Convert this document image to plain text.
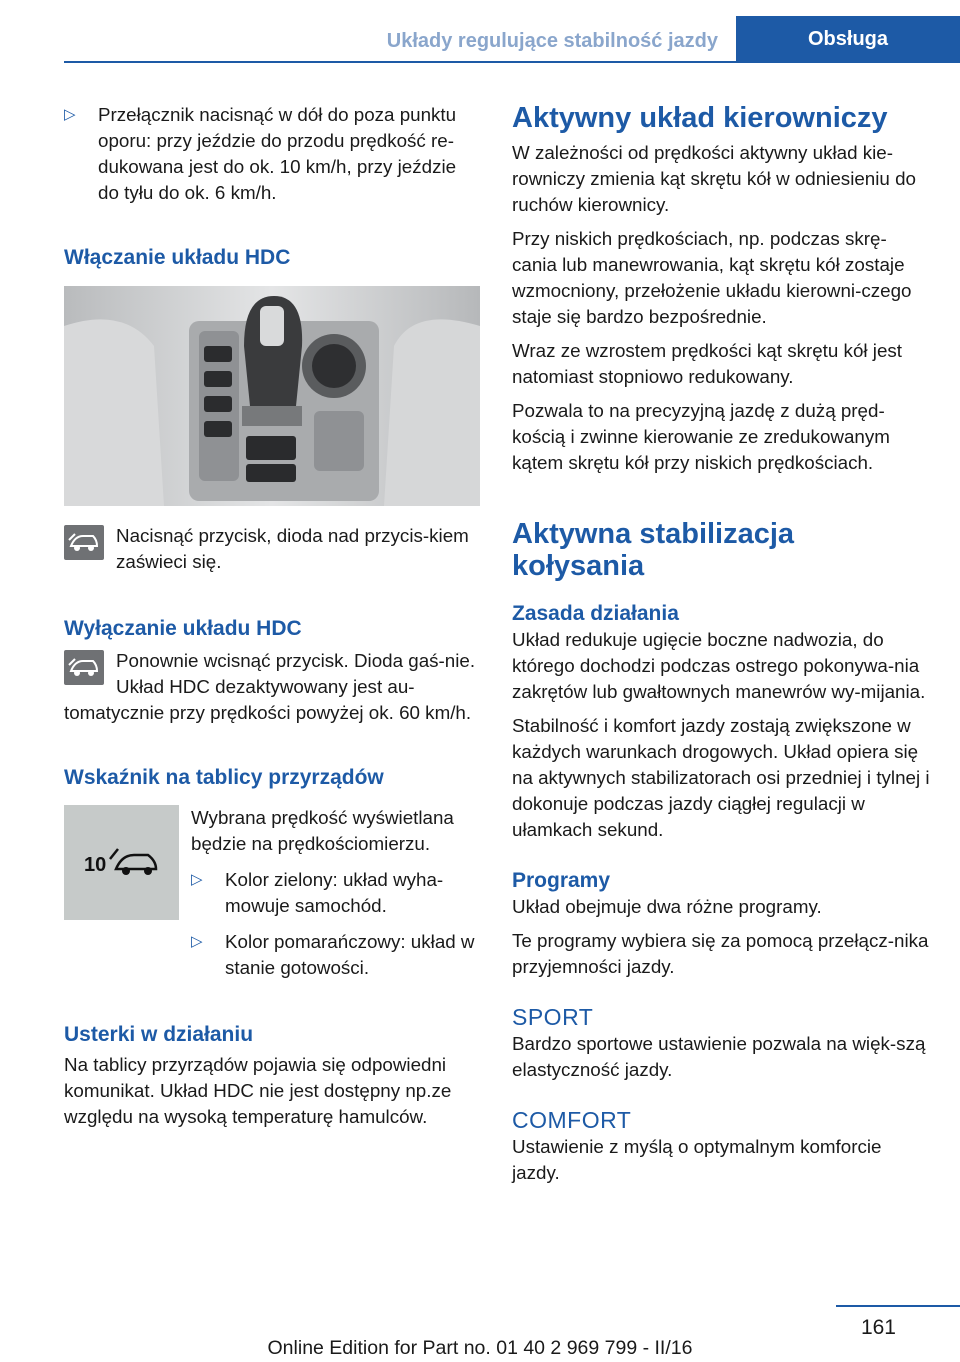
Układy regulujące stabilność jazdy	Obsługa
▷ Przełącznik nacisnąć w dół do poza punktu oporu: przy jeździe do przodu prędkość re-dukowana jest do ok. 10 km/h, przy jeździe do tyłu do ok. 6 km/h.

Włączanie układu HDC

Nacisnąć przycisk, dioda nad przycis-kiem zaświeci się.

Wyłączanie układu HDC

Ponownie wcisnąć przycisk. Dioda gaś-nie. Układ HDC dezaktywowany jest au-tomatycznie przy prędkości powyżej ok. 60 km/h.

Wskaźnik na tablicy przyrządów
10

Wybrana prędkość wyświetlana będzie na prędkościomierzu.

▷ Kolor zielony: układ wyha-mowuje samochód.

▷ Kolor pomarańczowy: układ w stanie gotowości.

Usterki w działaniu

Na tablicy przyrządów pojawia się odpowiedni komunikat. Układ HDC nie jest dostępny np.ze względu na wysoką temperaturę hamulców.

Aktywny układ kierowniczy

W zależności od prędkości aktywny układ kie-rowniczy zmienia kąt skrętu kół w odniesieniu do ruchów kierownicy.

Przy niskich prędkościach, np. podczas skrę-cania lub manewrowania, kąt skrętu kół zostaje wzmocniony, przełożenie układu kierowni-czego staje się bardzo bezpośrednie.

Wraz ze wzrostem prędkości kąt skrętu kół jest natomiast stopniowo redukowany.

Pozwala to na precyzyjną jazdę z dużą pręd-kością i zwinne kierowanie ze zredukowanym kątem skrętu kół przy niskich prędkościach.

Aktywna stabilizacja kołysania
Zasada działania

Układ redukuje ugięcie boczne nadwozia, do którego dochodzi podczas ostrego pokonywa-nia zakrętów lub gwałtownych manewrów wy-mijania.

Stabilność i komfort jazdy zostają zwiększone w każdych warunkach drogowych. Układ opiera się na aktywnych stabilizatorach osi przedniej i tylnej i dokonuje podczas jazdy ciągłej regulacji w ułamkach sekund.

Programy

Układ obejmuje dwa różne programy.

Te programy wybiera się za pomocą przełącz-nika przyjemności jazdy.

SPORT

Bardzo sportowe ustawienie pozwala na więk-szą elastyczność jazdy.

COMFORT

Ustawienie z myślą o optymalnym komforcie jazdy.

161
Online Edition for Part no. 01 40 2 969 799 - II/16
